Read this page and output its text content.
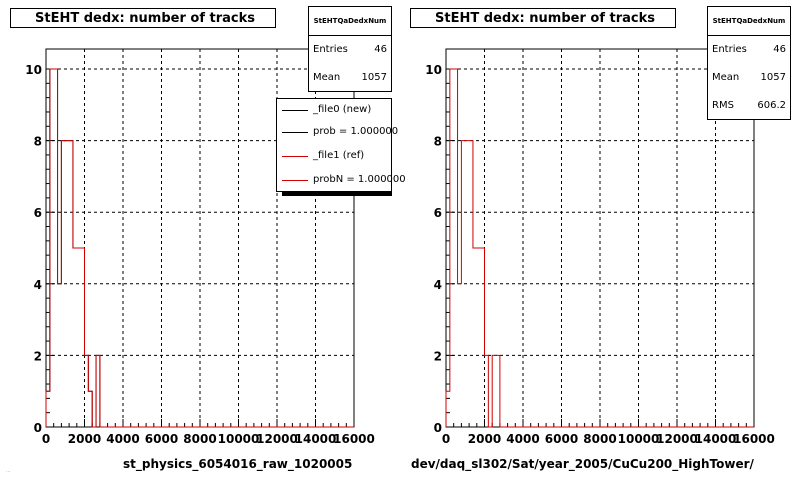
0 2000 4000 6000 8000 10000
12000
14000
16000
0
2
4
6
8
10
0 2000 4000 6000 8000 10000
12000
14000
16000
0
2
4
6
8
10
StEHT dedx: number of tracks	StEHTQaDedxNum
Entries	46
Mean 1057
_file0 (new)
prob = 1.000000
_file1 (ref)
probN = 1.000000
st_physics_6054016_raw_1020005
...
StEHT dedx: number of tracks	StEHTQaDedxNum
Entries	46
Mean 1057
RMS 606.2
dev/daq_sl302/Sat/year_2005/CuCu200_HighTower/
